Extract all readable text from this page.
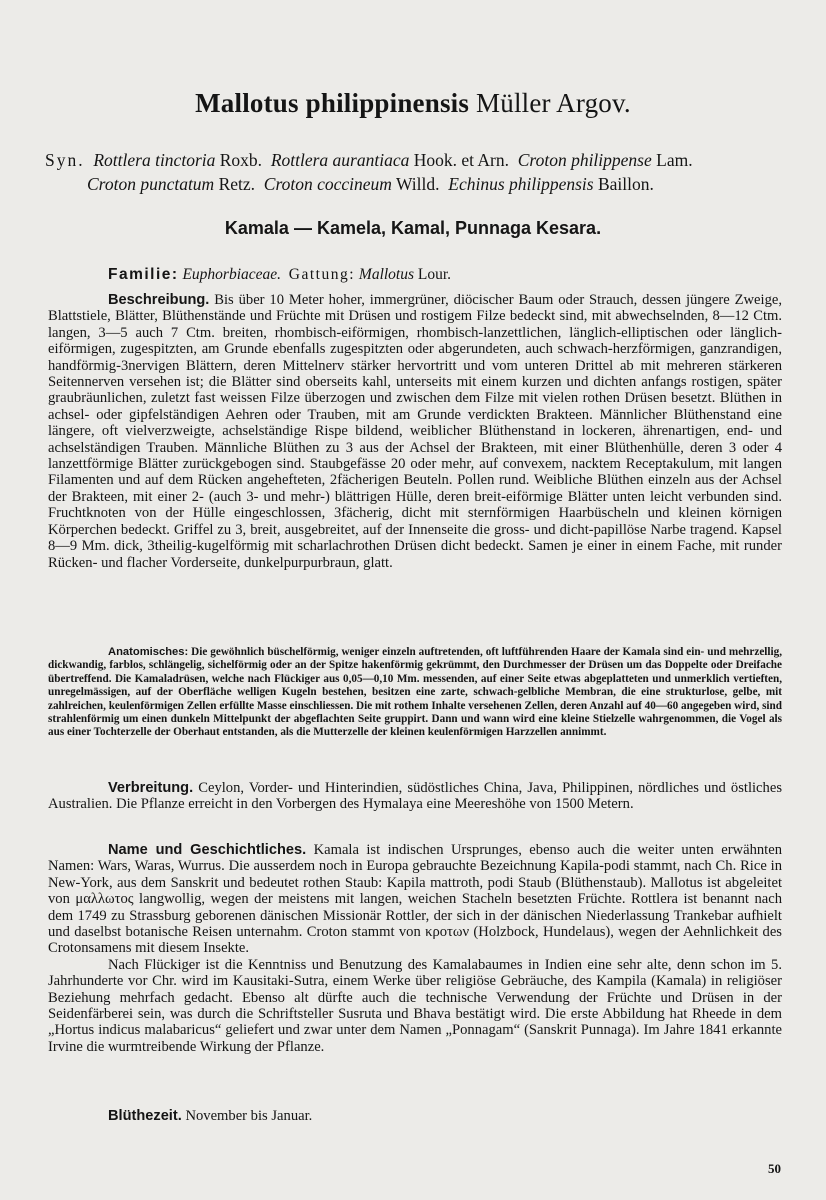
Mallotus philippinensis Müller Argov.
Syn. Rottlera tinctoria Roxb. Rottlera aurantiaca Hook. et Arn. Croton philippense Lam.
Croton punctatum Retz. Croton coccineum Willd. Echinus philippensis Baillon.
Kamala — Kamela, Kamal, Punnaga Kesara.
Familie: Euphorbiaceae. Gattung: Mallotus Lour.
Beschreibung. Bis über 10 Meter hoher, immergrüner, diöcischer Baum oder Strauch, dessen jüngere Zweige, Blattstiele, Blätter, Blüthenstände und Früchte mit Drüsen und rostigem Filze bedeckt sind, mit abwechselnden, 8—12 Ctm. langen, 3—5 auch 7 Ctm. breiten, rhombisch-eiförmigen, rhombisch-lanzettlichen, länglich-elliptischen oder länglich-eiförmigen, zugespitzten, am Grunde ebenfalls zugespitzten oder abgerundeten, auch schwach-herzförmigen, ganzrandigen, handförmig-3nervigen Blättern, deren Mittelnerv stärker hervortritt und vom unteren Drittel ab mit mehreren stärkeren Seitennerven versehen ist; die Blätter sind oberseits kahl, unterseits mit einem kurzen und dichten anfangs rostigen, später graubräunlichen, zuletzt fast weissen Filze überzogen und zwischen dem Filze mit vielen rothen Drüsen besetzt. Blüthen in achsel- oder gipfelständigen Aehren oder Trauben, mit am Grunde verdickten Brakteen. Männlicher Blüthenstand eine längere, oft vielverzweigte, achselständige Rispe bildend, weiblicher Blüthenstand in lockeren, ährenartigen, end- und achselständigen Trauben. Männliche Blüthen zu 3 aus der Achsel der Brakteen, mit einer Blüthenhülle, deren 3 oder 4 lanzettförmige Blätter zurückgebogen sind. Staubgefässe 20 oder mehr, auf convexem, nacktem Receptakulum, mit langen Filamenten und auf dem Rücken angehefteten, 2fächerigen Beuteln. Pollen rund. Weibliche Blüthen einzeln aus der Achsel der Brakteen, mit einer 2- (auch 3- und mehr-) blättrigen Hülle, deren breit-eiförmige Blätter unten leicht verbunden sind. Fruchtknoten von der Hülle eingeschlossen, 3fächerig, dicht mit sternförmigen Haarbüscheln und kleinen körnigen Körperchen bedeckt. Griffel zu 3, breit, ausgebreitet, auf der Innenseite die gross- und dicht-papillöse Narbe tragend. Kapsel 8—9 Mm. dick, 3theilig-kugelförmig mit scharlachrothen Drüsen dicht bedeckt. Samen je einer in einem Fache, mit runder Rücken- und flacher Vorderseite, dunkelpurpurbraun, glatt.
Anatomisches: Die gewöhnlich büschelförmig, weniger einzeln auftretenden, oft luftführenden Haare der Kamala sind ein- und mehrzellig, dickwandig, farblos, schlängelig, sichelförmig oder an der Spitze hakenförmig gekrümmt, den Durchmesser der Drüsen um das Doppelte oder Dreifache übertreffend. Die Kamaladrüsen, welche nach Flückiger aus 0,05—0,10 Mm. messenden, auf einer Seite etwas abgeplatteten und unmerklich vertieften, unregelmässigen, auf der Oberfläche welligen Kugeln bestehen, besitzen eine zarte, schwach-gelbliche Membran, die eine strukturlose, gelbe, mit zahlreichen, keulenförmigen Zellen erfüllte Masse einschliessen. Die mit rothem Inhalte versehenen Zellen, deren Anzahl auf 40—60 angegeben wird, sind strahlenförmig um einen dunkeln Mittelpunkt der abgeflachten Seite gruppirt. Dann und wann wird eine kleine Stielzelle wahrgenommen, die Vogel als aus einer Tochterzelle der Oberhaut entstanden, als die Mutterzelle der kleinen keulenförmigen Harzzellen annimmt.
Verbreitung. Ceylon, Vorder- und Hinterindien, südöstliches China, Java, Philippinen, nördliches und östliches Australien. Die Pflanze erreicht in den Vorbergen des Hymalaya eine Meereshöhe von 1500 Metern.
Name und Geschichtliches. Kamala ist indischen Ursprunges, ebenso auch die weiter unten erwähnten Namen: Wars, Waras, Wurrus. Die ausserdem noch in Europa gebrauchte Bezeichnung Kapila-podi stammt, nach Ch. Rice in New-York, aus dem Sanskrit und bedeutet rothen Staub: Kapila mattroth, podi Staub (Blüthenstaub). Mallotus ist abgeleitet von μαλλωτος langwollig, wegen der meistens mit langen, weichen Stacheln besetzten Früchte. Rottlera ist benannt nach dem 1749 zu Strassburg geborenen dänischen Missionär Rottler, der sich in der dänischen Niederlassung Trankebar aufhielt und daselbst botanische Reisen unternahm. Croton stammt von κροτων (Holzbock, Hundelaus), wegen der Aehnlichkeit des Crotonsamens mit diesem Insekte.
Nach Flückiger ist die Kenntniss und Benutzung des Kamalabaumes in Indien eine sehr alte, denn schon im 5. Jahrhunderte vor Chr. wird im Kausitaki-Sutra, einem Werke über religiöse Gebräuche, des Kampila (Kamala) in religiöser Beziehung mehrfach gedacht. Ebenso alt dürfte auch die technische Verwendung der Früchte und Drüsen in der Seidenfärberei sein, was durch die Schriftsteller Susruta und Bhava bestätigt wird. Die erste Abbildung hat Rheede in dem „Hortus indicus malabaricus“ geliefert und zwar unter dem Namen „Ponnagam“ (Sanskrit Punnaga). Im Jahre 1841 erkannte Irvine die wurmtreibende Wirkung der Pflanze.
Blüthezeit. November bis Januar.
50
